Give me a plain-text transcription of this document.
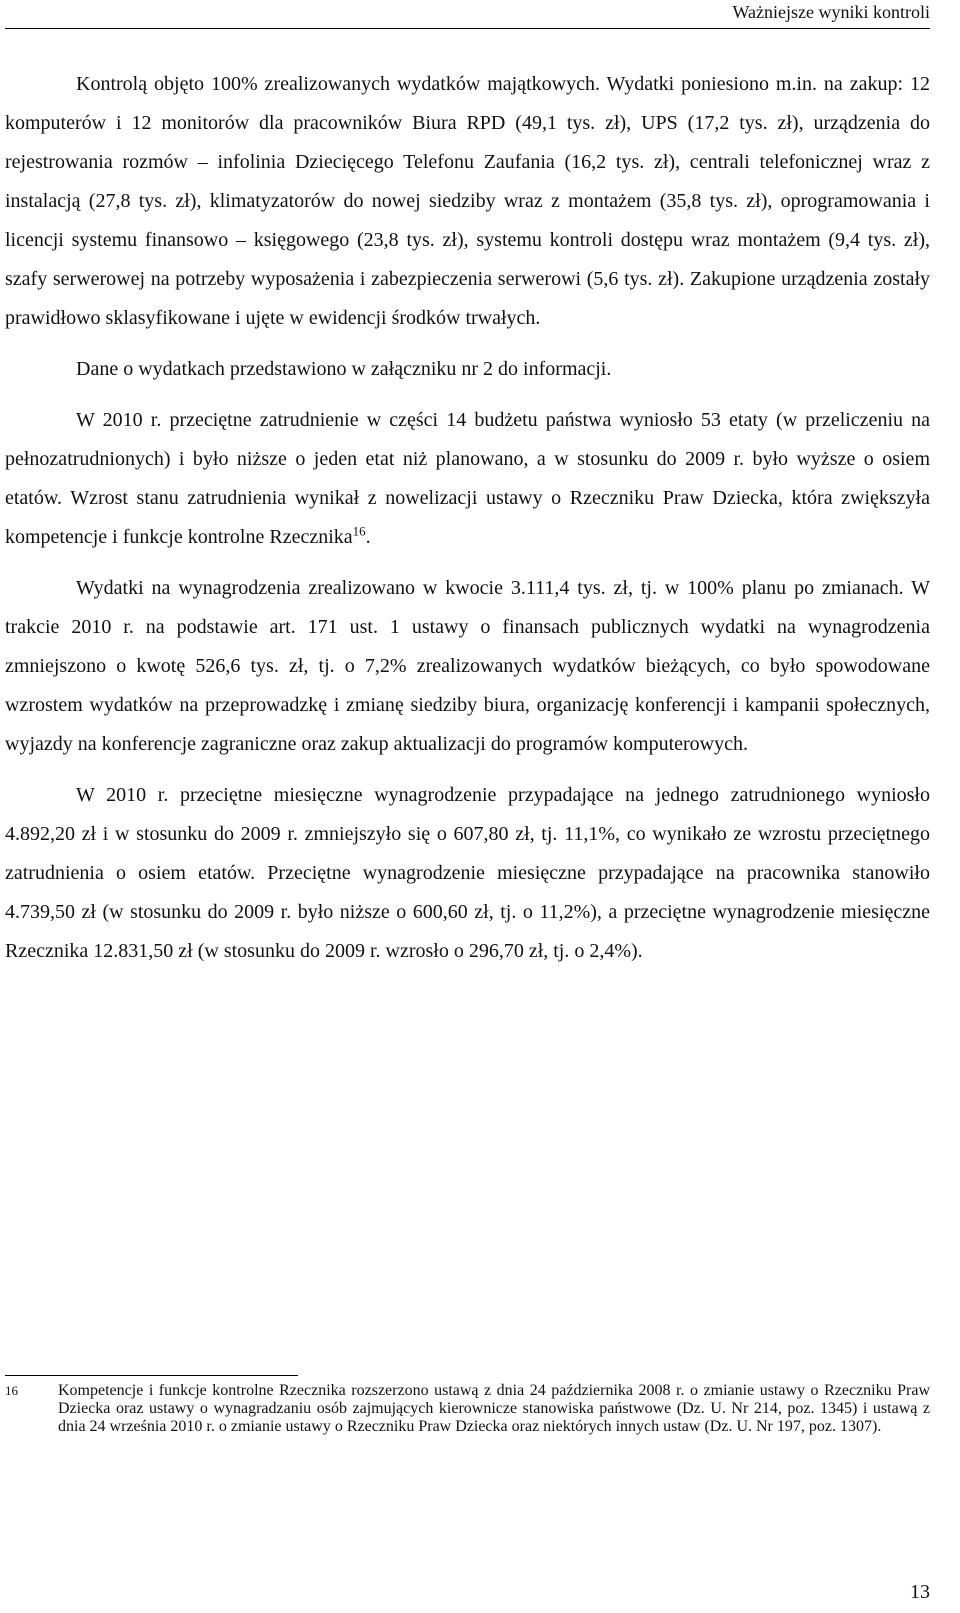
Ważniejsze wyniki kontroli

Kontrolą objęto 100% zrealizowanych wydatków majątkowych. Wydatki poniesiono m.in. na zakup: 12 komputerów i 12 monitorów dla pracowników Biura RPD (49,1 tys. zł), UPS (17,2 tys. zł), urządzenia do rejestrowania rozmów – infolinia Dziecięcego Telefonu Zaufania (16,2 tys. zł), centrali telefonicznej wraz z instalacją (27,8 tys. zł), klimatyzatorów do nowej siedziby wraz z montażem (35,8 tys. zł), oprogramowania i licencji systemu finansowo – księgowego (23,8 tys. zł), systemu kontroli dostępu wraz montażem (9,4 tys. zł), szafy serwerowej na potrzeby wyposażenia i zabezpieczenia serwerowi (5,6 tys. zł). Zakupione urządzenia zostały prawidłowo sklasyfikowane i ujęte w ewidencji środków trwałych.

Dane o wydatkach przedstawiono w załączniku nr 2 do informacji.

W 2010 r. przeciętne zatrudnienie w części 14 budżetu państwa wyniosło 53 etaty (w przeliczeniu na pełnozatrudnionych) i było niższe o jeden etat niż planowano, a w stosunku do 2009 r. było wyższe o osiem etatów. Wzrost stanu zatrudnienia wynikał z nowelizacji ustawy o Rzeczniku Praw Dziecka, która zwiększyła kompetencje i funkcje kontrolne Rzecznika$^{16}$.

Wydatki na wynagrodzenia zrealizowano w kwocie 3.111,4 tys. zł, tj. w 100% planu po zmianach. W trakcie 2010 r. na podstawie art. 171 ust. 1 ustawy o finansach publicznych wydatki na wynagrodzenia zmniejszono o kwotę 526,6 tys. zł, tj. o 7,2% zrealizowanych wydatków bieżących, co było spowodowane wzrostem wydatków na przeprowadzkę i zmianę siedziby biura, organizację konferencji i kampanii społecznych, wyjazdy na konferencje zagraniczne oraz zakup aktualizacji do programów komputerowych.

W 2010 r. przeciętne miesięczne wynagrodzenie przypadające na jednego zatrudnionego wyniosło 4.892,20 zł i w stosunku do 2009 r. zmniejszyło się o 607,80 zł, tj. 11,1%, co wynikało ze wzrostu przeciętnego zatrudnienia o osiem etatów. Przeciętne wynagrodzenie miesięczne przypadające na pracownika stanowiło 4.739,50 zł (w stosunku do 2009 r. było niższe o 600,60 zł, tj. o 11,2%), a przeciętne wynagrodzenie miesięczne Rzecznika 12.831,50 zł (w stosunku do 2009 r. wzrosło o 296,70 zł, tj. o 2,4%).

16	Kompetencje i funkcje kontrolne Rzecznika rozszerzono ustawą z dnia 24 października 2008 r. o zmianie ustawy o Rzeczniku Praw Dziecka oraz ustawy o wynagradzaniu osób zajmujących kierownicze stanowiska państwowe (Dz. U. Nr 214, poz. 1345) i ustawą z dnia 24 września 2010 r. o zmianie ustawy o Rzeczniku Praw Dziecka oraz niektórych innych ustaw (Dz. U. Nr 197, poz. 1307).
13
